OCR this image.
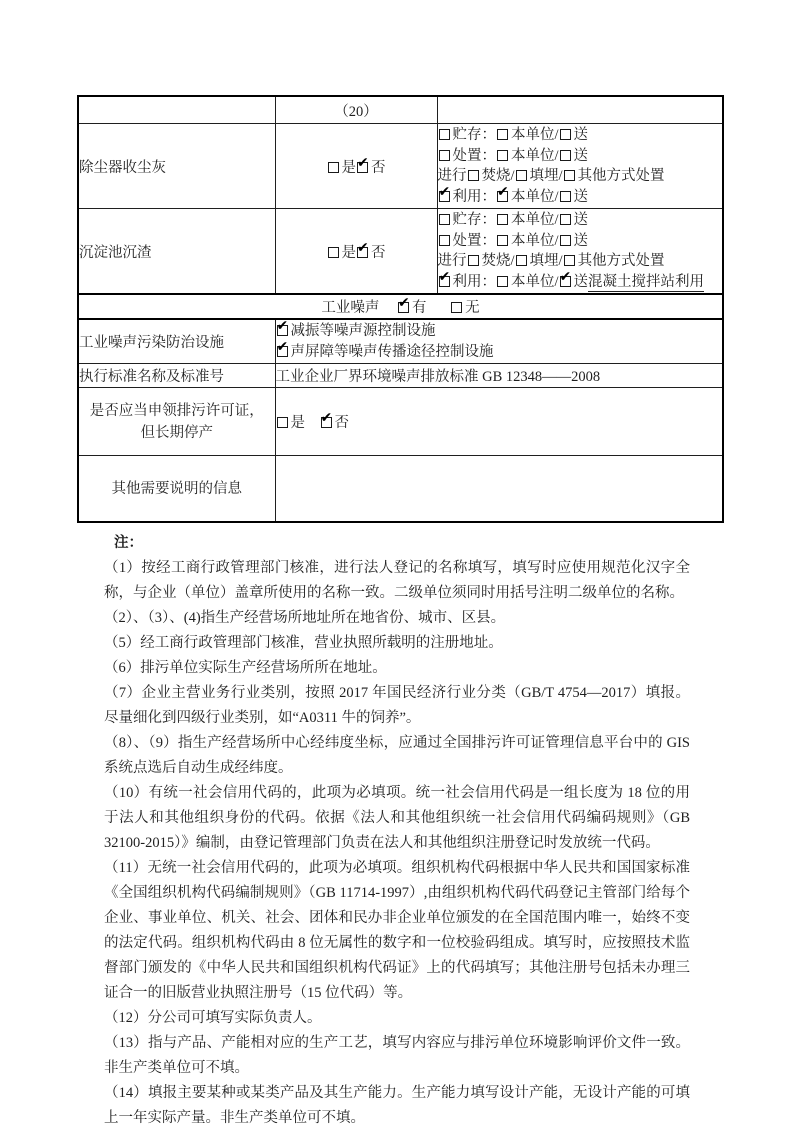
	（20）	
除尘器收尘灰	是 ✔ 否	
贮存： 本单位/ 送
处置： 本单位/ 送
进行 焚烧/ 填埋/ 其他方式处置
✔ 利用： ✔ 本单位/ 送

沉淀池沉渣	是 ✔ 否	
贮存： 本单位/ 送
处置： 本单位/ 送
进行 焚烧/ 填埋/ 其他方式处置
✔ 利用： 本单位/ ✔ 送混凝土搅拌站利用

工业噪声 ✔ 有 无		
工业噪声污染防治设施	✔ 减振等噪声源控制设施
✔ 声屏障等噪声传播途径控制设施	

执行标准名称及标准号	工业企业厂界环境噪声排放标准 GB 12348——2008	

是否应当申领排污许可证，
但长期停产
	是　 ✔ 否
其他需要说明的信息		
注：

（1）按经工商行政管理部门核准，进行法人登记的名称填写，填写时应使用规范化汉字全称，与企业（单位）盖章所使用的名称一致。二级单位须同时用括号注明二级单位的名称。

（2）、（3）、(4)指生产经营场所地址所在地省份、城市、区县。

（5）经工商行政管理部门核准，营业执照所载明的注册地址。

（6）排污单位实际生产经营场所所在地址。

（7）企业主营业务行业类别，按照 2017 年国民经济行业分类（GB/T 4754—2017）填报。尽量细化到四级行业类别，如“A0311 牛的饲养”。

（8）、（9）指生产经营场所中心经纬度坐标，应通过全国排污许可证管理信息平台中的 GIS 系统点选后自动生成经纬度。

（10）有统一社会信用代码的，此项为必填项。统一社会信用代码是一组长度为 18 位的用于法人和其他组织身份的代码。依据《法人和其他组织统一社会信用代码编码规则》（GB 32100-2015）》编制，由登记管理部门负责在法人和其他组织注册登记时发放统一代码。

（11）无统一社会信用代码的，此项为必填项。组织机构代码根据中华人民共和国国家标准《全国组织机构代码编制规则》（GB 11714-1997）,由组织机构代码代码登记主管部门给每个企业、事业单位、机关、社会、团体和民办非企业单位颁发的在全国范围内唯一，始终不变的法定代码。组织机构代码由 8 位无属性的数字和一位校验码组成。填写时，应按照技术监督部门颁发的《中华人民共和国组织机构代码证》上的代码填写；其他注册号包括未办理三证合一的旧版营业执照注册号（15 位代码）等。

（12）分公司可填写实际负责人。

（13）指与产品、产能相对应的生产工艺，填写内容应与排污单位环境影响评价文件一致。非生产类单位可不填。

（14）填报主要某种或某类产品及其生产能力。生产能力填写设计产能，无设计产能的可填上一年实际产量。非生产类单位可不填。
